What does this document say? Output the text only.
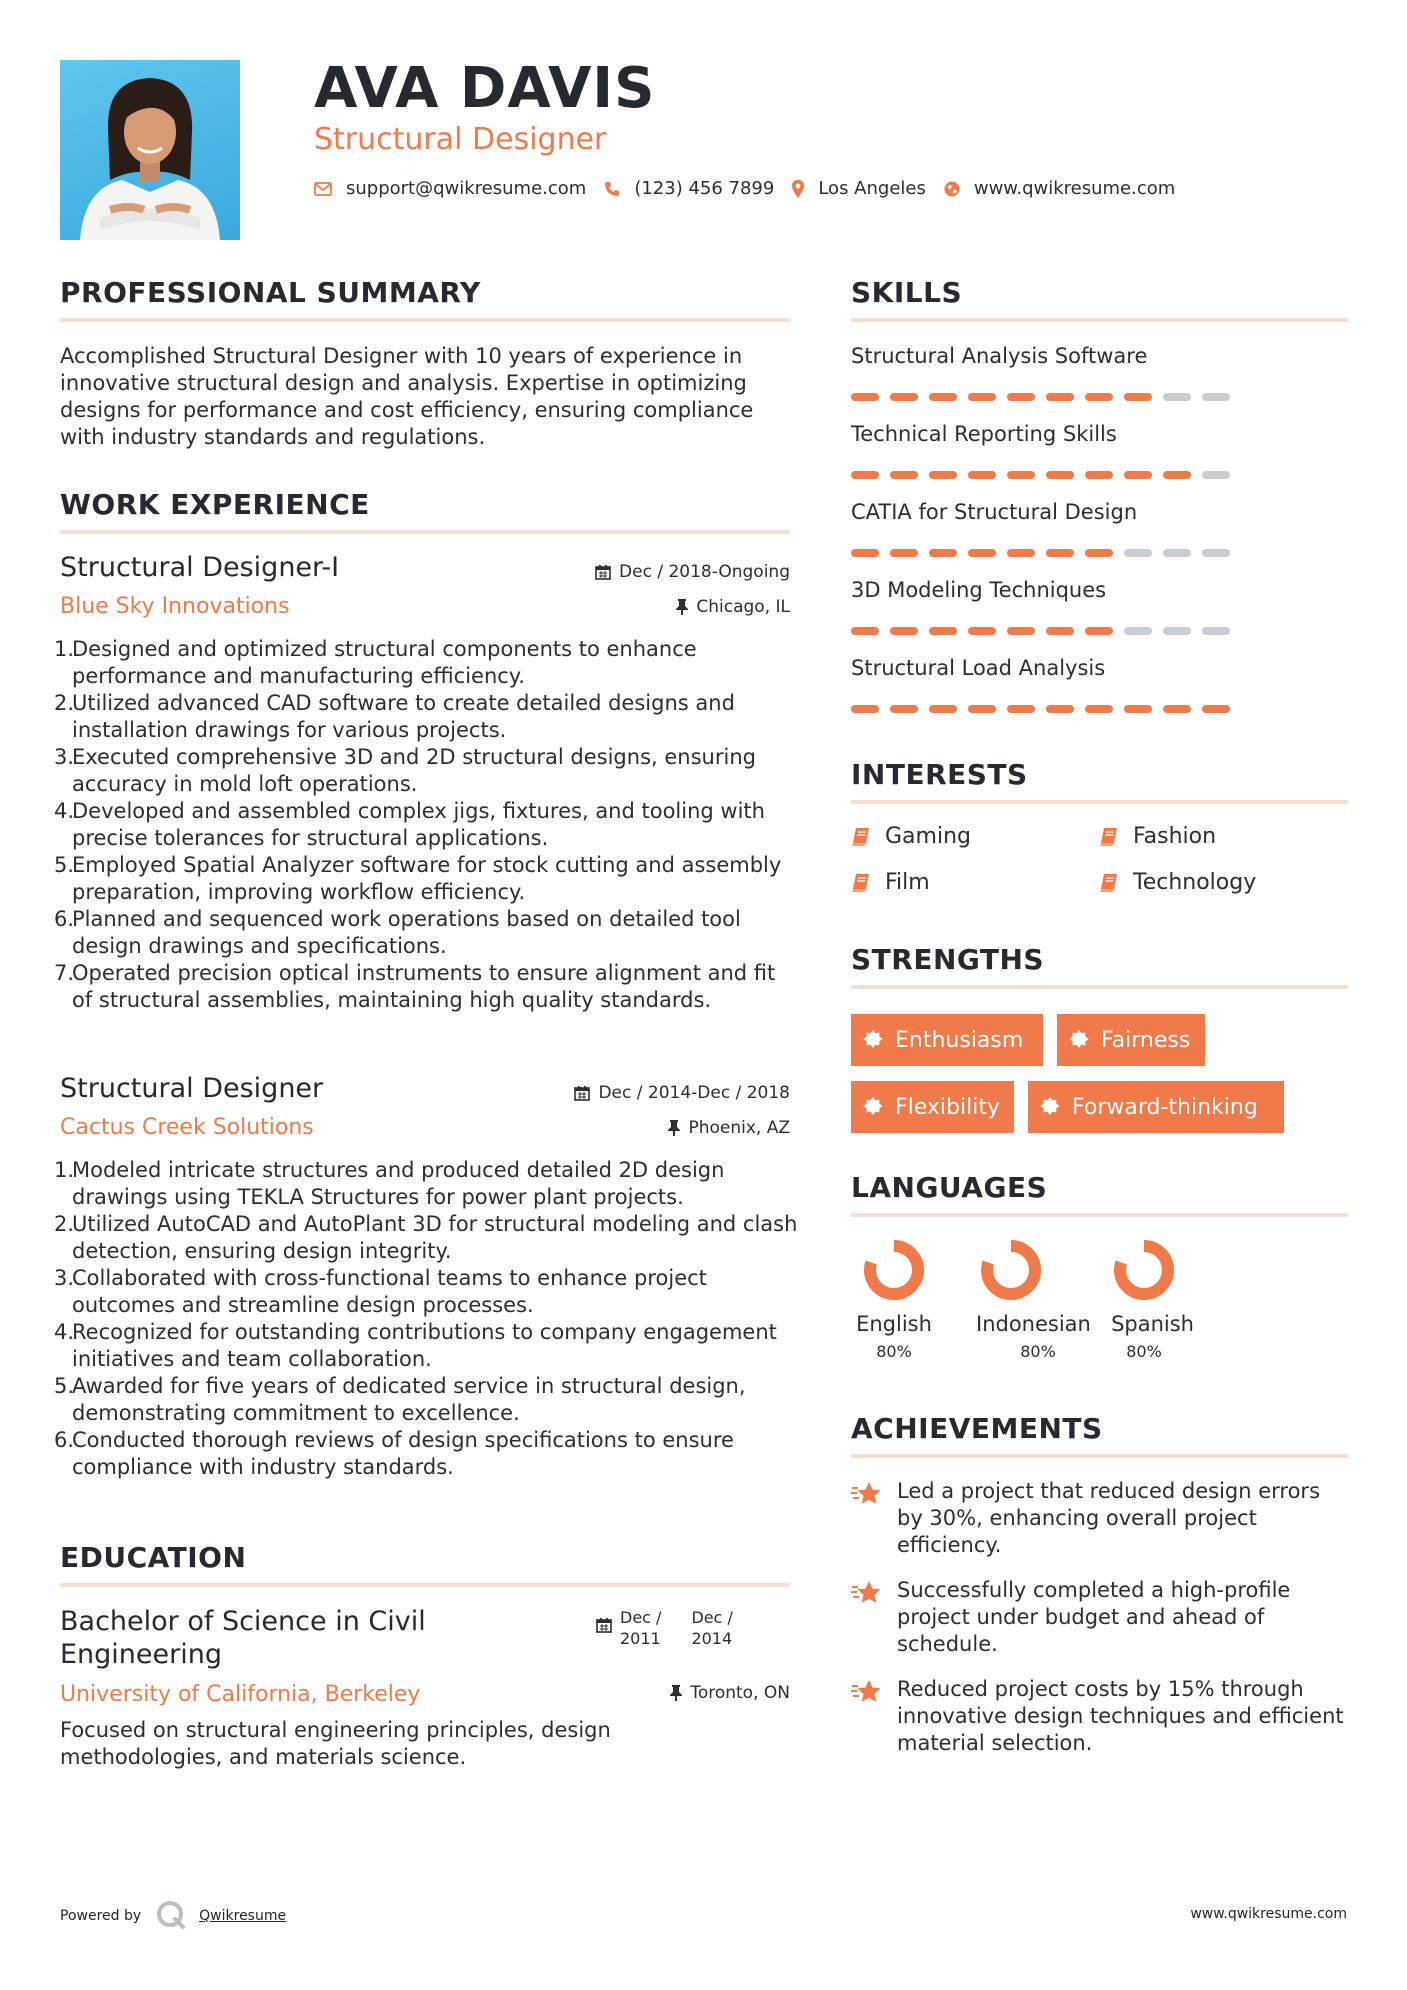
AVA DAVIS
Structural Designer
support@qwikresume.com	(123) 456 7899 Los Angeles	www.qwikresume.com
PROFESSIONAL SUMMARY
Accomplished Structural Designer with 10 years of experience in innovative structural design and analysis. Expertise in optimizing designs for performance and cost efficiency, ensuring compliance with industry standards and regulations.
WORK EXPERIENCE
Structural Designer-I
Blue Sky Innovations
Dec / 2018-Ongoing
Chicago, IL
1.
Designed and optimized structural components to enhance performance and manufacturing efficiency.
2.
Utilized advanced CAD software to create detailed designs and installation drawings for various projects.
3.
Executed comprehensive 3D and 2D structural designs, ensuring accuracy in mold loft operations.
4.
Developed and assembled complex jigs, fixtures, and tooling with precise tolerances for structural applications.
5.
Employed Spatial Analyzer software for stock cutting and assembly preparation, improving workflow efficiency.
6.
Planned and sequenced work operations based on detailed tool design drawings and specifications.
7.
Operated precision optical instruments to ensure alignment and fit of structural assemblies, maintaining high quality standards.
Structural Designer
Cactus Creek Solutions
Dec / 2014-Dec / 2018
Phoenix, AZ
1.
Modeled intricate structures and produced detailed 2D design drawings using TEKLA Structures for power plant projects.
2.
Utilized AutoCAD and AutoPlant 3D for structural modeling and clash detection, ensuring design integrity.
3.
Collaborated with cross-functional teams to enhance project outcomes and streamline design processes.
4.
Recognized for outstanding contributions to company engagement initiatives and team collaboration.
5.
Awarded for five years of dedicated service in structural design, demonstrating commitment to excellence.
6.
Conducted thorough reviews of design specifications to ensure compliance with industry standards.
EDUCATION
Bachelor of Science in Civil
Engineering
Dec /
2011
Dec /
2014
University of California, Berkeley	Toronto, ON
Focused on structural engineering principles, design methodologies, and materials science.
SKILLS
Structural Analysis Software
Technical Reporting Skills
CATIA for Structural Design
3D Modeling Techniques
Structural Load Analysis
INTERESTS
Gaming	Fashion
Film	Technology
STRENGTHS
Enthusiasm	Fairness
Flexibility	Forward-thinking
LANGUAGES
English
80%
Indonesian
80%
Spanish
80%
ACHIEVEMENTS
Led a project that reduced design errors by 30%, enhancing overall project efficiency.
Successfully completed a high-profile project under budget and ahead of schedule.
Reduced project costs by 15% through innovative design techniques and efficient material selection.
Powered by	Qwikresume	www.qwikresume.com
